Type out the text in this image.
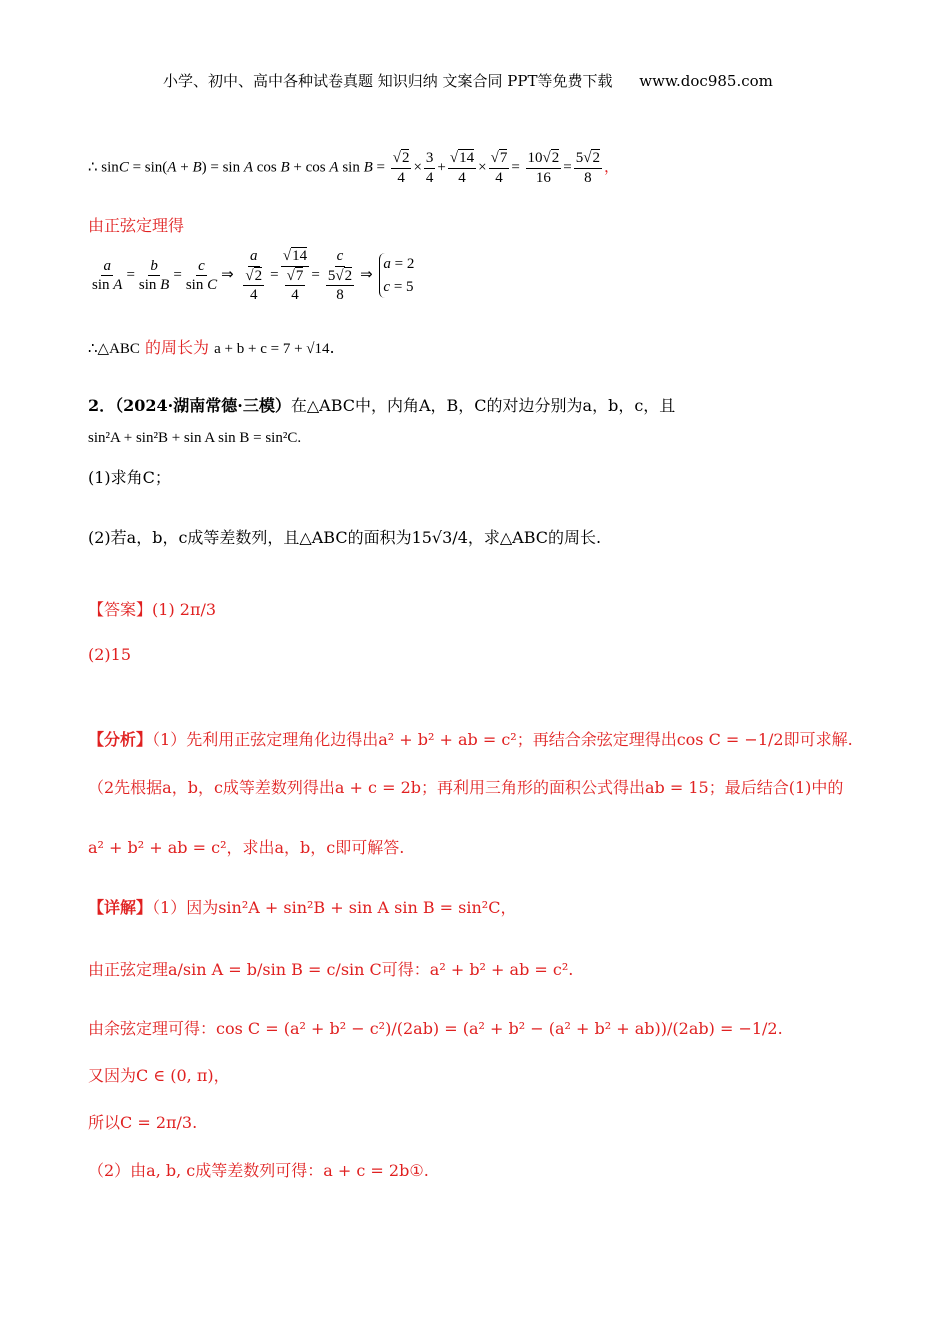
小学、初中、高中各种试卷真题 知识归纳 文案合同 PPT等免费下载 www.doc985.com
∴ sinC = sin(A + B) = sin A cos B + cos A $\sin B = \frac{√2}{4} \times \frac{3}{4} + \frac{√14}{4} \times \frac{√7}{4} = \frac{10√2}{16} = \frac{5√2}{8}$ ，
由正弦定理得
$\frac{a}{\text{sin A}} = \frac{b}{\text{sin B}} = \frac{c}{\text{sin C}}$ ⇒ $\frac{a}{\frac{√2}{4}} = \frac{√14}{\frac{√7}{4}} = \frac{c}{\frac{5√2}{8}}$ ⇒
a = 2
c = 5
∴△ABC 的周长为 a + b + c = 7 + √14.
2．（2024·湖南常德·三模）在△ABC中，内角A，B，C的对边分别为a，b，c，且
sin²A + sin²B + sin A sin B = sin²C.
(1)求角C；
(2)若a，b，c成等差数列，且△ABC的面积为15√3/4，求△ABC的周长.
【答案】(1) 2π/3
(2)15
【分析】（1）先利用正弦定理角化边得出a² + b² + ab = c²；再结合余弦定理得出cos C = −1/2即可求解.
（2先根据a，b，c成等差数列得出a + c = 2b；再利用三角形的面积公式得出ab = 15；最后结合(1)中的
a² + b² + ab = c²，求出a，b，c即可解答.
【详解】（1）因为sin²A + sin²B + sin A sin B = sin²C，
由正弦定理a/sin A = b/sin B = c/sin C可得：a² + b² + ab = c².
由余弦定理可得：cos C = (a² + b² − c²)/(2ab) = (a² + b² − (a² + b² + ab))/(2ab) = −1/2.
又因为C ∈ (0, π)，
所以C = 2π/3.
（2）由a, b, c成等差数列可得：a + c = 2b①.
